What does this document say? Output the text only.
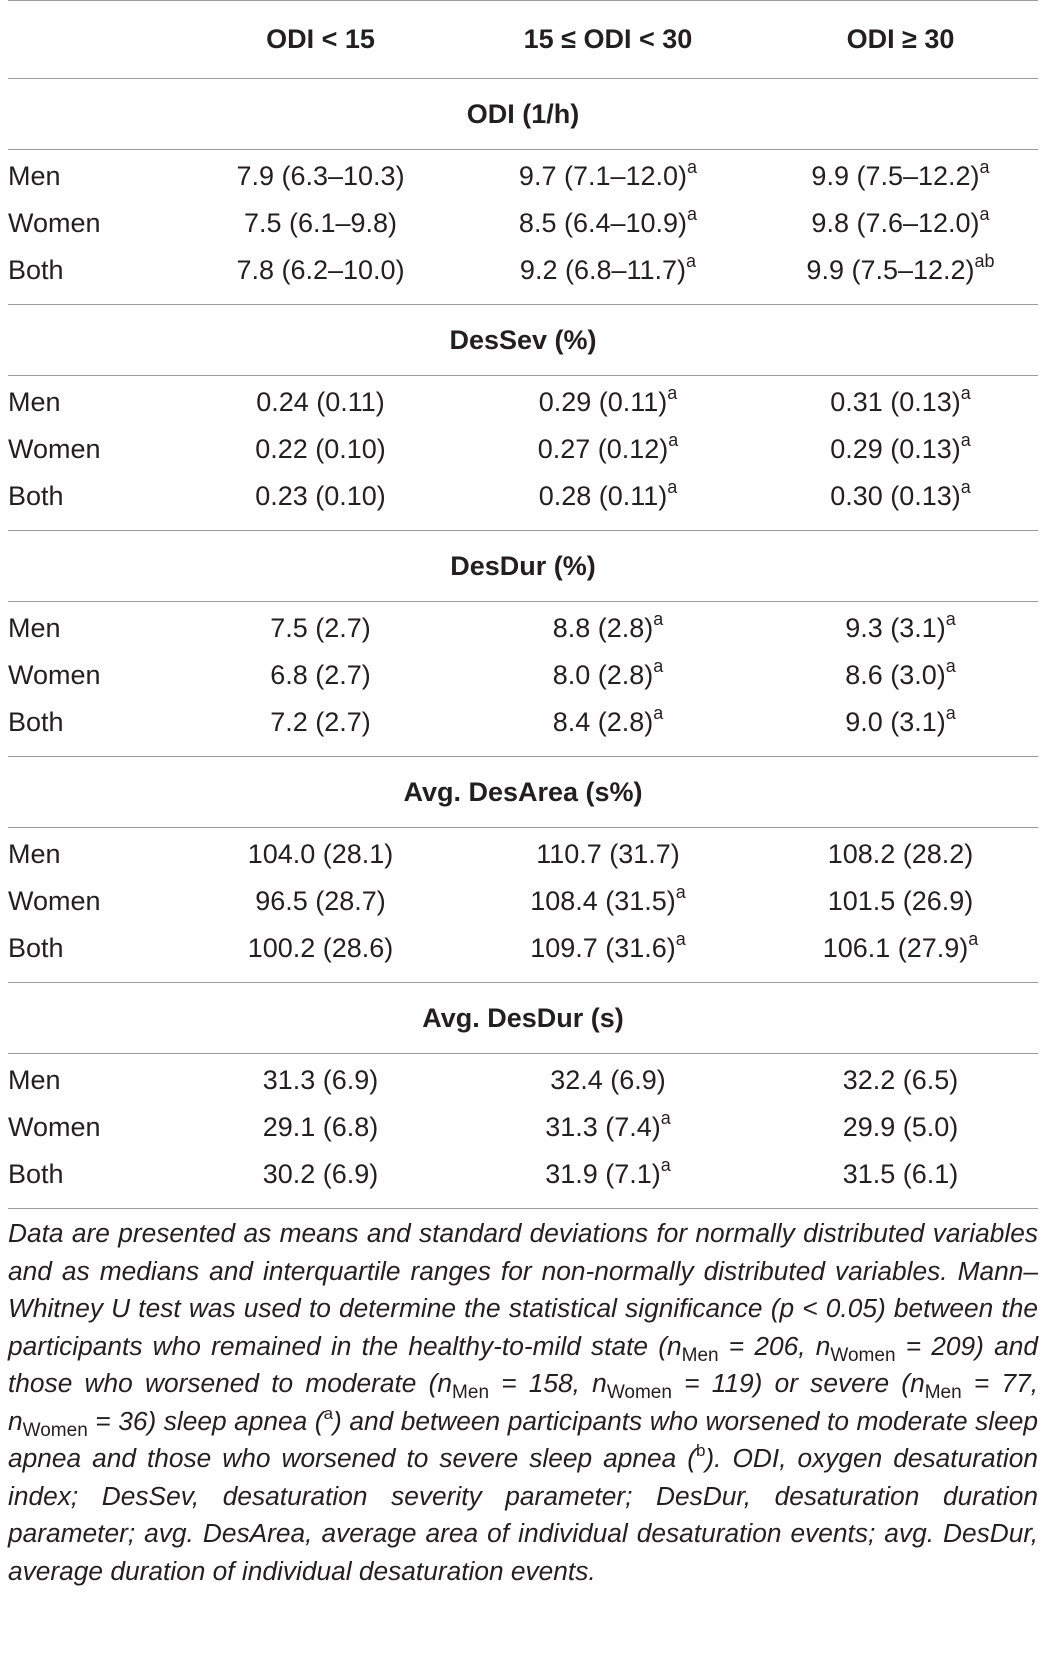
ODI < 15	15 ≤ ODI < 30	ODI ≥ 30
ODI (1/h)
Men	7.9 (6.3–10.3)	9.7 $(7.1-12.0)^a$	9.9 $(7.5-12.2)^a$
Women	7.5 (6.1–9.8)	8.5 $(6.4-10.9)^a$	9.8 $(7.6-12.0)^a$
Both	7.8 (6.2–10.0)	9.2 $(6.8-11.7)^a$	9.9 $(7.5-12.2)^{ab}$
DesSev (%)
Men	0.24 (0.11)	0.29 $(0.11)^a$	0.31 $(0.13)^a$
Women	0.22 (0.10)	0.27 $(0.12)^a$	0.29 $(0.13)^a$
Both	0.23 (0.10)	0.28 $(0.11)^a$	0.30 $(0.13)^a$
DesDur (%)
Men	7.5 (2.7)	8.8 $(2.8)^a$	9.3 $(3.1)^a$
Women	6.8 (2.7)	8.0 $(2.8)^a$	8.6 $(3.0)^a$
Both	7.2 (2.7)	8.4 $(2.8)^a$	9.0 $(3.1)^a$
Avg. DesArea (s%)
Men	104.0 (28.1)	110.7 (31.7)	108.2 (28.2)
Women	96.5 (28.7)	108.4 $(31.5)^a$	101.5 (26.9)
Both	100.2 (28.6)	109.7 $(31.6)^a$	106.1 $(27.9)^a$
Avg. DesDur (s)
Men	31.3 (6.9)	32.4 (6.9)	32.2 (6.5)
Women	29.1 (6.8)	31.3 $(7.4)^a$	29.9 (5.0)
Both	30.2 (6.9)	31.9 $(7.1)^a$	31.5 (6.1)
Data are presented as means and standard deviations for normally distributed variables and as medians and interquartile ranges for non-normally distributed variables. Mann–Whitney U test was used to determine the statistical significance (p < 0.05) between the participants who remained in the healthy-to-mild state ($n_{Men} = 206$, $n_{Women} = 209$) and those who worsened to moderate ($n_{Men} = 158$, $n_{Women} = 119$) or severe ($n_{Men} = 77$, $n_{Women} = 36$) sleep apnea ($^a$) and between participants who worsened to moderate sleep apnea and those who worsened to severe sleep apnea ($^b$). ODI, oxygen desaturation index; DesSev, desaturation severity parameter; DesDur, desaturation duration parameter; avg. DesArea, average area of individual desaturation events; avg. DesDur, average duration of individual desaturation events.
